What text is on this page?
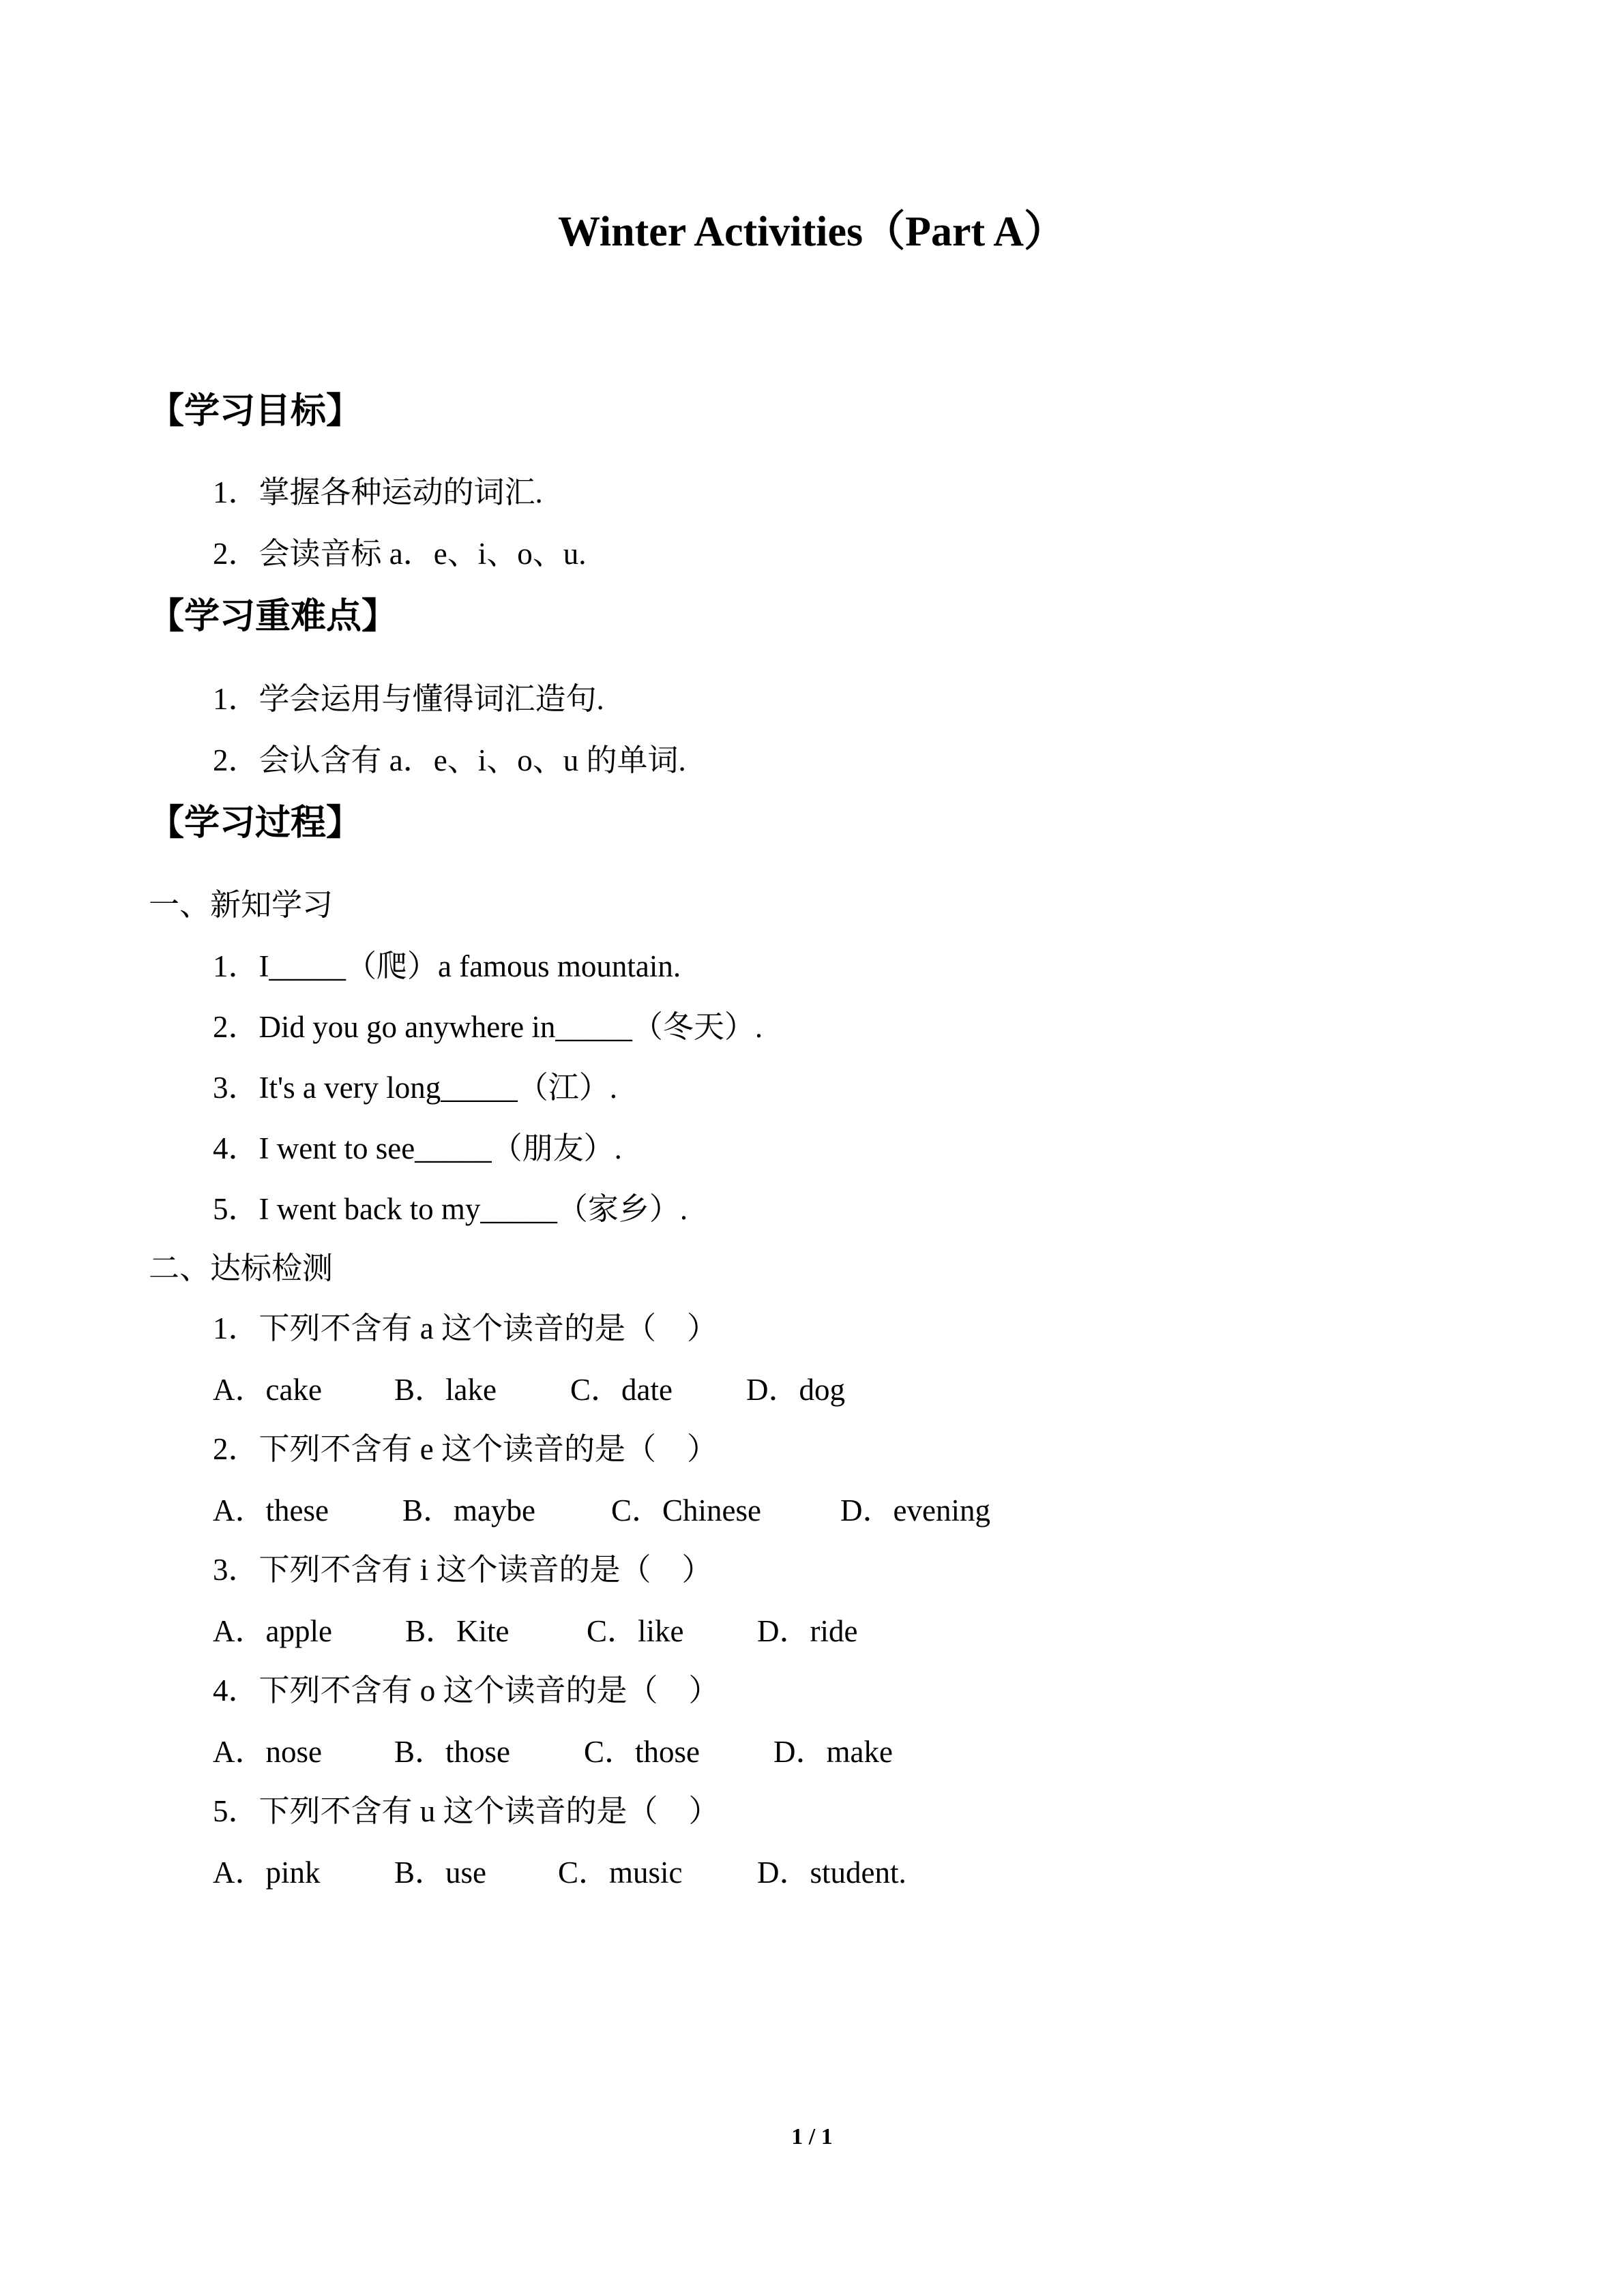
Winter Activities（Part A）
【学习目标】
1．掌握各种运动的词汇.
2．会读音标 a．e、i、o、u.
【学习重难点】
1．学会运用与懂得词汇造句.
2．会认含有 a．e、i、o、u 的单词.
【学习过程】
一、新知学习
1．I_____（爬）a famous mountain.
2．Did you go anywhere in_____（冬天）.
3．It's a very long_____（江）.
4．I went to see_____（朋友）.
5．I went back to my_____（家乡）.
二、达标检测
1．下列不含有 a 这个读音的是（　）
A．cake B．lake C．date D．dog
2．下列不含有 e 这个读音的是（　）
A．these B．maybe C．Chinese	D．evening
3．下列不含有 i 这个读音的是（　）
A．apple B．Kite	C．like D．ride
4．下列不含有 o 这个读音的是（　）
A．nose B．those C．those D．make
5．下列不含有 u 这个读音的是（　）
A．pink B．use C．music D．student.
1 / 1
